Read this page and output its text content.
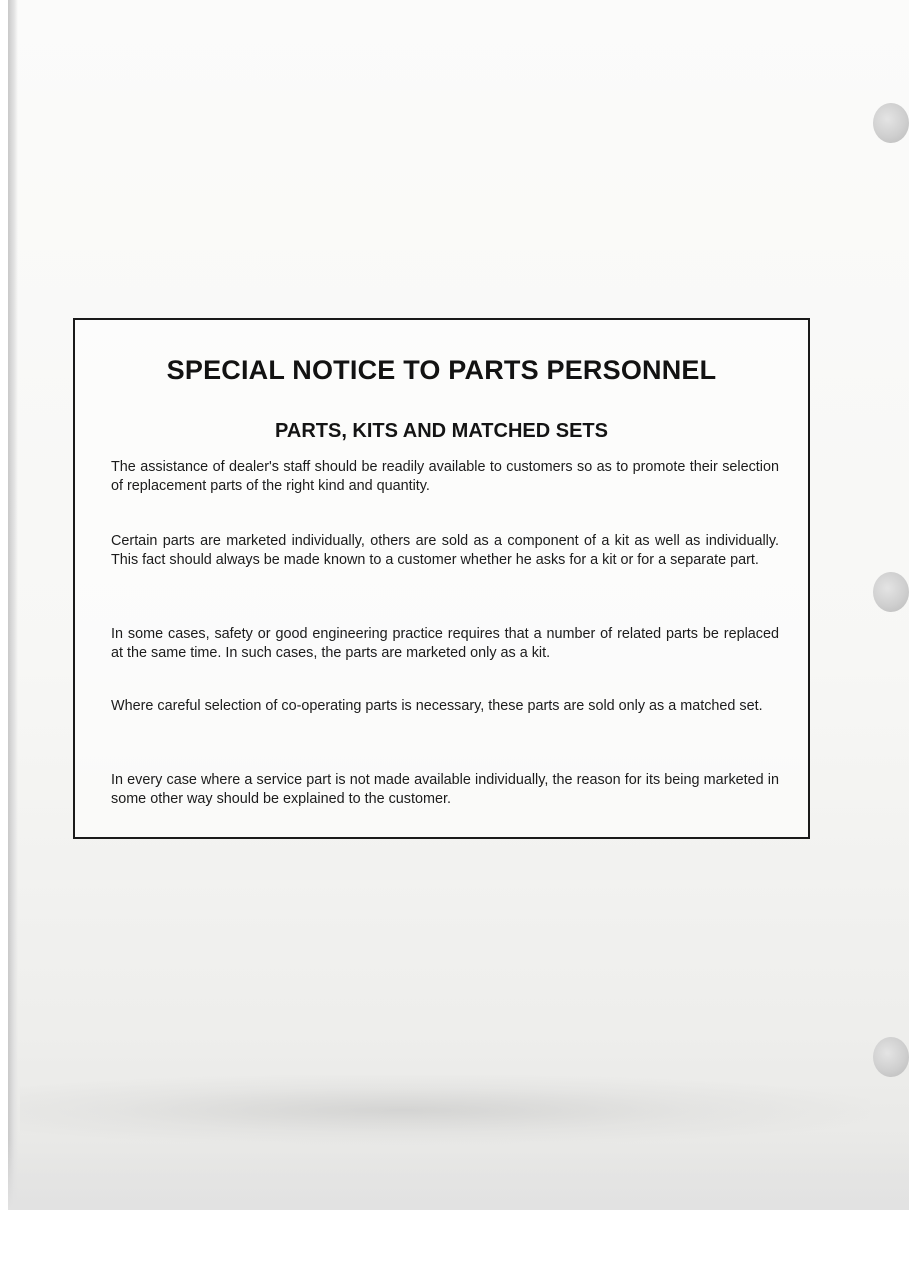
SPECIAL NOTICE TO PARTS PERSONNEL
PARTS, KITS AND MATCHED SETS

The assistance of dealer's staff should be readily available to customers so as to promote their selection of replacement parts of the right kind and quantity.

Certain parts are marketed individually, others are sold as a component of a kit as well as individually. This fact should always be made known to a customer whether he asks for a kit or for a separate part.

In some cases, safety or good engineering practice requires that a number of related parts be replaced at the same time. In such cases, the parts are marketed only as a kit.

Where careful selection of co-operating parts is necessary, these parts are sold only as a matched set.

In every case where a service part is not made available individually, the reason for its being marketed in some other way should be explained to the customer.
